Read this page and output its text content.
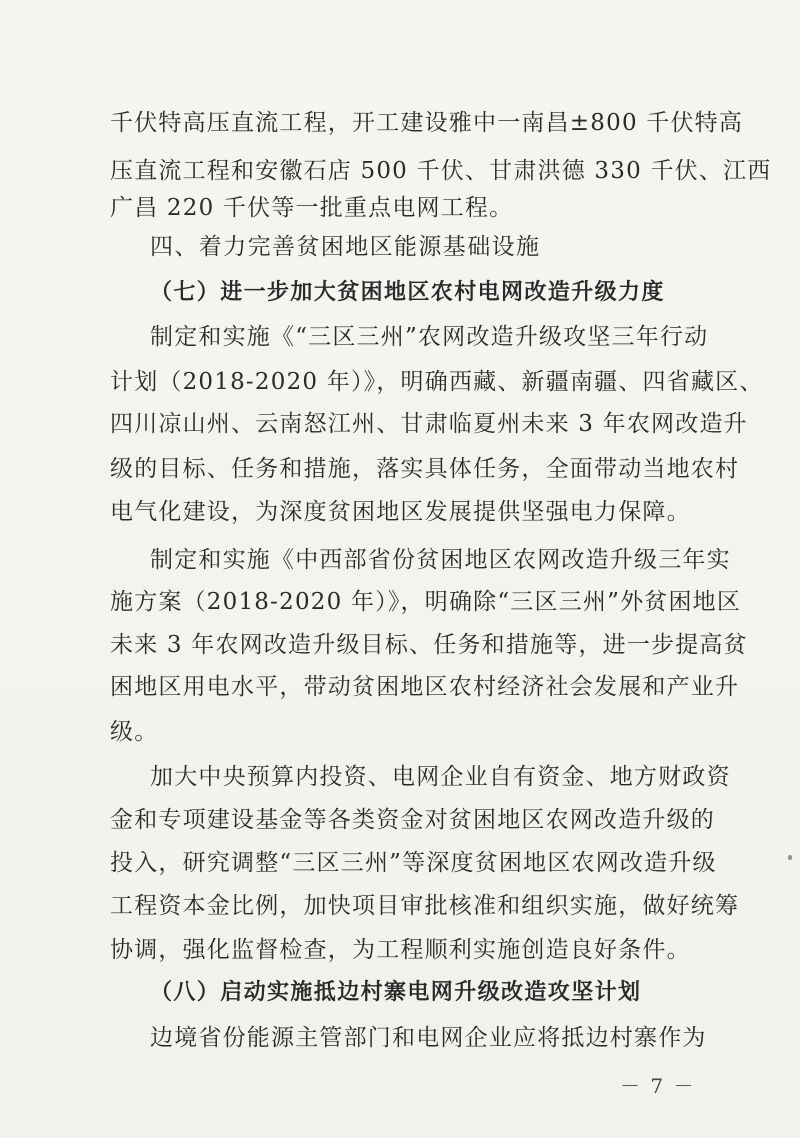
千伏特高压直流工程，开工建设雅中一南昌±800 千伏特高
压直流工程和安徽石店 500 千伏、甘肃洪德 330 千伏、江西
广昌 220 千伏等一批重点电网工程。
四、着力完善贫困地区能源基础设施
（七）进一步加大贫困地区农村电网改造升级力度
制定和实施《“三区三州”农网改造升级攻坚三年行动
计划（2018-2020 年）》，明确西藏、新疆南疆、四省藏区、
四川凉山州、云南怒江州、甘肃临夏州未来 3 年农网改造升
级的目标、任务和措施，落实具体任务，全面带动当地农村
电气化建设，为深度贫困地区发展提供坚强电力保障。
制定和实施《中西部省份贫困地区农网改造升级三年实
施方案（2018-2020 年）》，明确除“三区三州”外贫困地区
未来 3 年农网改造升级目标、任务和措施等，进一步提高贫
困地区用电水平，带动贫困地区农村经济社会发展和产业升
级。
加大中央预算内投资、电网企业自有资金、地方财政资
金和专项建设基金等各类资金对贫困地区农网改造升级的
投入，研究调整“三区三州”等深度贫困地区农网改造升级
工程资本金比例，加快项目审批核准和组织实施，做好统筹
协调，强化监督检查，为工程顺利实施创造良好条件。
（八）启动实施抵边村寨电网升级改造攻坚计划
边境省份能源主管部门和电网企业应将抵边村寨作为
－ 7 －
